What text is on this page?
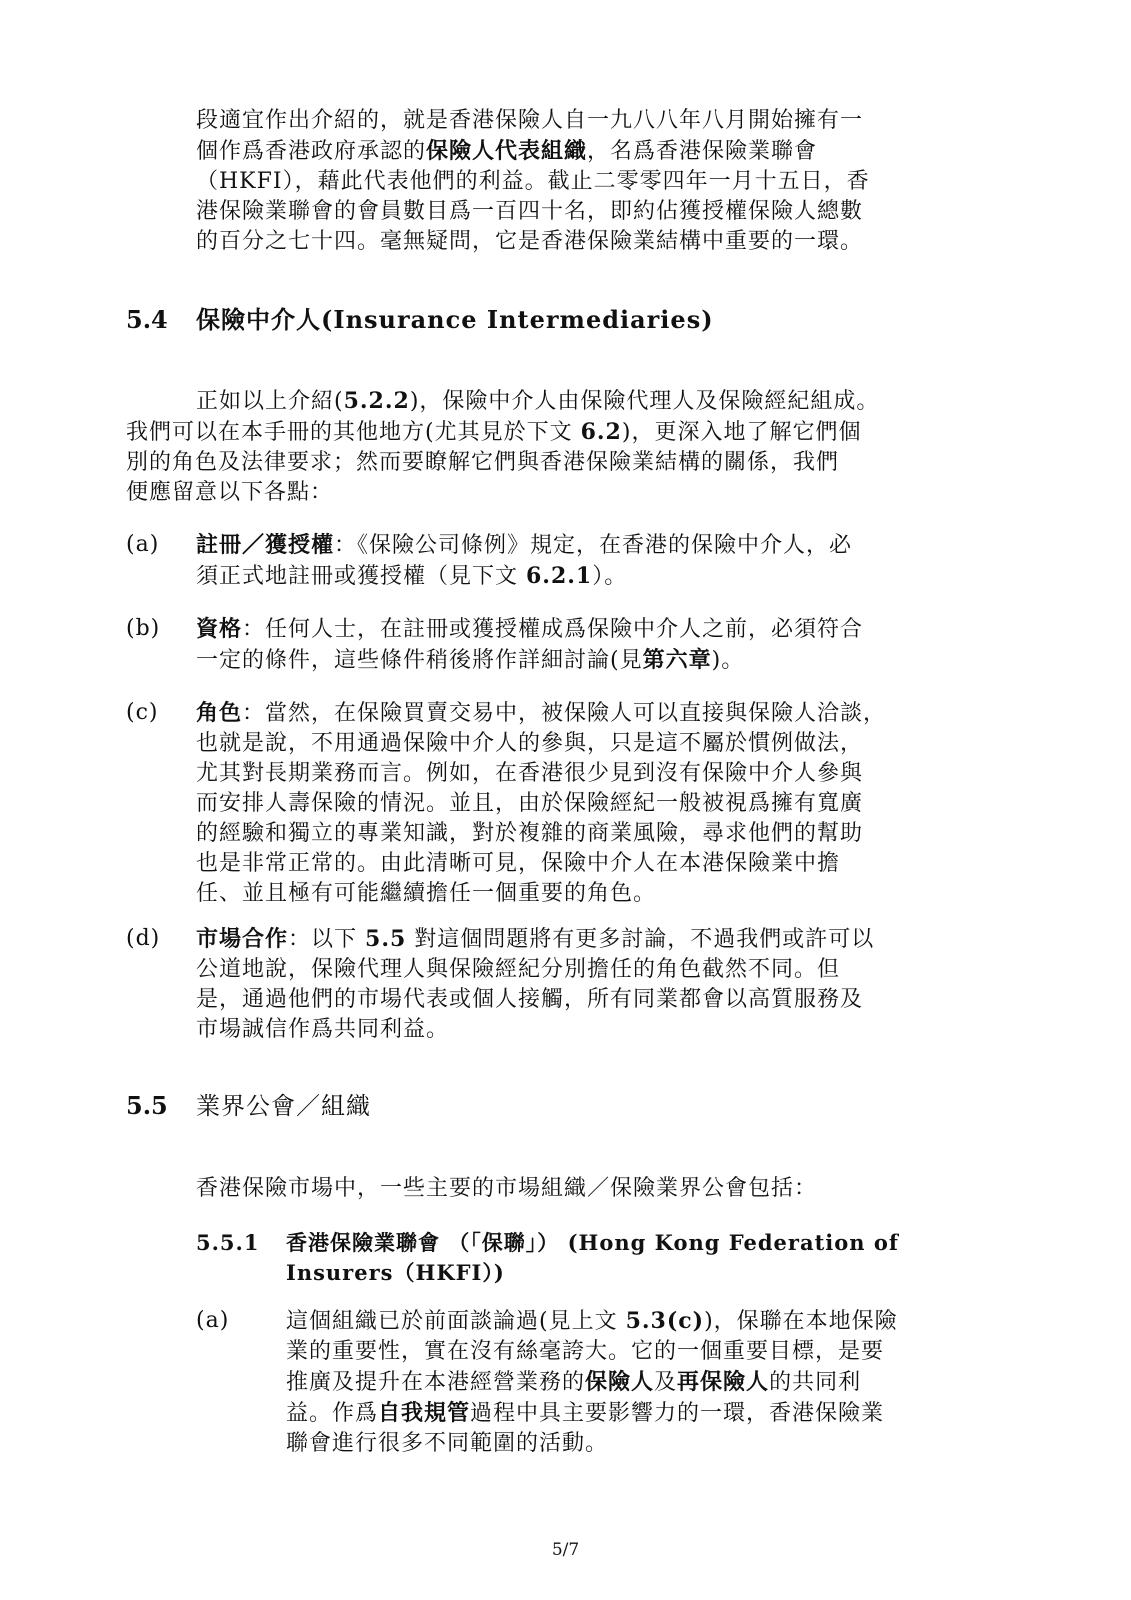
段適宜作出介紹的，就是香港保險人自一九八八年八月開始擁有一
個作爲香港政府承認的保險人代表組織，名爲香港保險業聯會
（HKFI），藉此代表他們的利益。截止二零零四年一月十五日，香
港保險業聯會的會員數目爲一百四十名，即約佔獲授權保險人總數
的百分之七十四。毫無疑問，它是香港保險業結構中重要的一環。
5.4 保險中介人(Insurance Intermediaries)
正如以上介紹(5.2.2)，保險中介人由保險代理人及保險經紀組成。
我們可以在本手冊的其他地方(尤其見於下文 6.2)，更深入地了解它們個
別的角色及法律要求；然而要瞭解它們與香港保險業結構的關係，我們
便應留意以下各點：
(a) 註冊／獲授權：《保險公司條例》規定，在香港的保險中介人，必
須正式地註冊或獲授權（見下文 6.2.1）。
(b) 資格：任何人士，在註冊或獲授權成爲保險中介人之前，必須符合
一定的條件，這些條件稍後將作詳細討論(見第六章)。
(c) 角色：當然，在保險買賣交易中，被保險人可以直接與保險人洽談，
也就是說，不用通過保險中介人的參與，只是這不屬於慣例做法，
尤其對長期業務而言。例如，在香港很少見到沒有保險中介人參與
而安排人壽保險的情況。並且，由於保險經紀一般被視爲擁有寬廣
的經驗和獨立的專業知識，對於複雜的商業風險，尋求他們的幫助
也是非常正常的。由此清晰可見，保險中介人在本港保險業中擔
任、並且極有可能繼續擔任一個重要的角色。
(d) 市場合作：以下 5.5 對這個問題將有更多討論，不過我們或許可以
公道地說，保險代理人與保險經紀分別擔任的角色截然不同。但
是，通過他們的市場代表或個人接觸，所有同業都會以高質服務及
市場誠信作爲共同利益。
5.5 業界公會／組織
香港保險市場中，一些主要的市場組織／保險業界公會包括：
5.5.1 香港保險業聯會 （「保聯」） (Hong Kong Federation of
Insurers（HKFI）)
(a)	這個組織已於前面談論過(見上文 5.3(c))，保聯在本地保險
業的重要性，實在沒有絲毫誇大。它的一個重要目標，是要
推廣及提升在本港經營業務的保險人及再保險人的共同利
益。作爲自我規管過程中具主要影響力的一環，香港保險業
聯會進行很多不同範圍的活動。
5/7
